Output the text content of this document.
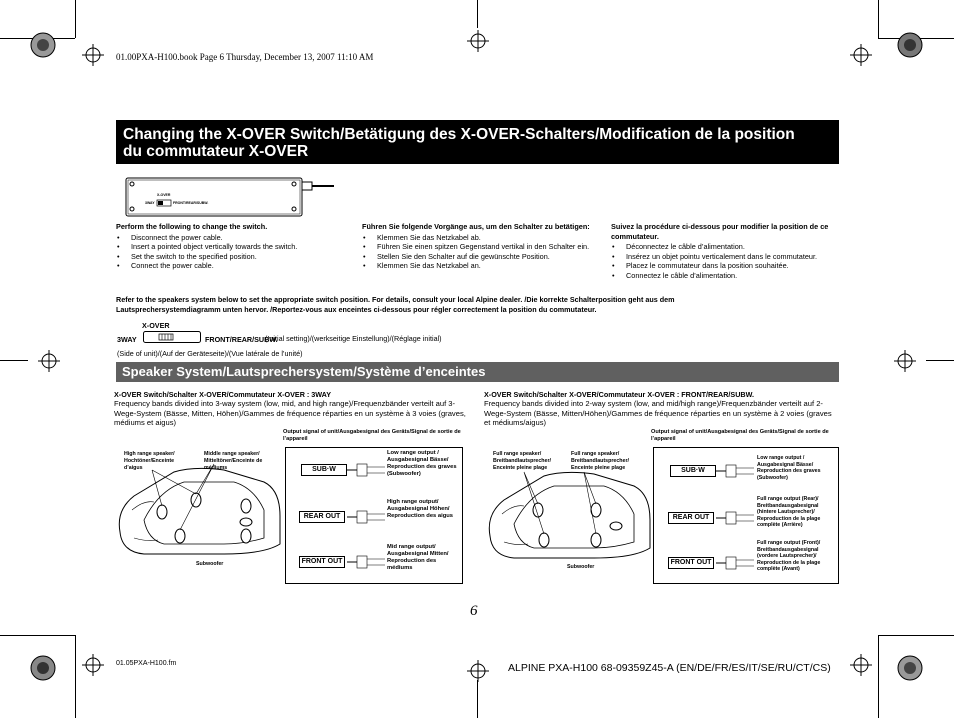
01.00PXA-H100.book Page 6 Thursday, December 13, 2007 11:10 AM
Changing the X-OVER Switch/Betätigung des X-OVER-Schalters/Modification de la position
du commutateur X-OVER
X-OVER
3WAY	FRONT/REAR/SUBW.
Perform the following to change the switch.
• Disconnect the power cable.
• Insert a pointed object vertically towards the switch.
• Set the switch to the specified position.
• Connect the power cable.
Führen Sie folgende Vorgänge aus, um den Schalter zu betätigen:
• Klemmen Sie das Netzkabel ab.
• Führen Sie einen spitzen Gegenstand vertikal in den Schalter ein.
• Stellen Sie den Schalter auf die gewünschte Position.
• Klemmen Sie das Netzkabel an.
Suivez la procédure ci-dessous pour modifier la position de ce commutateur.
• Déconnectez le câble d’alimentation.
• Insérez un objet pointu verticalement dans le commutateur.
• Placez le commutateur dans la position souhaitée.
• Connectez le câble d’alimentation.
Refer to the speakers system below to set the appropriate switch position. For details, consult your local Alpine dealer. /Die korrekte Schalterposition geht aus dem Lautsprechersystemdiagramm unten hervor. /Reportez-vous aux enceintes ci-dessous pour régler correctement la position du commutateur.
X-OVER
3WAY	FRONT/REAR/SUBW.
(Initial setting)/(werkseitige Einstellung)/(Réglage initial)
(Side of unit)/(Auf der Geräteseite)/(Vue latérale de l’unité)
Speaker System/Lautsprechersystem/Système d’enceintes
X-OVER Switch/Schalter X-OVER/Commutateur X-OVER : 3WAY
Frequency bands divided into 3-way system (low, mid, and high range)/Frequenzbänder verteilt auf 3-Wege-System (Bässe, Mitten, Höhen)/Gammes de fréquence réparties en un système à 3 voies (graves, médiums et aigus)
High range speaker/ Hochtöner/Enceinte d’aigus
Middle range speaker/ Mitteltöner/Enceinte de médiums
Subwoofer
Output signal of unit/Ausgabesignal des Geräts/Signal de sortie de l’appareil
SUB·W
REAR OUT
FRONT OUT
Low range output / Ausgabesignal Bässe/ Reproduction des graves (Subwoofer)
High range output/ Ausgabesignal Höhen/ Reproduction des aigus
Mid range output/ Ausgabesignal Mitten/ Reproduction des médiums
X-OVER Switch/Schalter X-OVER/Commutateur X-OVER : FRONT/REAR/SUBW.
Frequency bands divided into 2-way system (low, and mid/high range)/Frequenzbänder verteilt auf 2-Wege-System (Bässe, Mitten/Höhen)/Gammes de fréquence réparties en un système à 2 voies (graves et médiums/aigus)
Full range speaker/ Breitbandlautsprecher/ Enceinte pleine plage
Full range speaker/ Breitbandlautsprecher/ Enceinte pleine plage
Subwoofer
Output signal of unit/Ausgabesignal des Geräts/Signal de sortie de l’appareil
SUB·W
REAR OUT
FRONT OUT
Low range output / Ausgabesignal Bässe/ Reproduction des graves (Subwoofer)
Full range output (Rear)/ Breitbandausgabesignal (hintere Lautsprecher)/ Reproduction de la plage complète (Arrière)
Full range output (Front)/ Breitbandausgabesignal (vordere Lautsprecher)/ Reproduction de la plage complète (Avant)
6
01.05PXA-H100.fm	ALPINE PXA-H100 68-09359Z45-A (EN/DE/FR/ES/IT/SE/RU/CT/CS)
